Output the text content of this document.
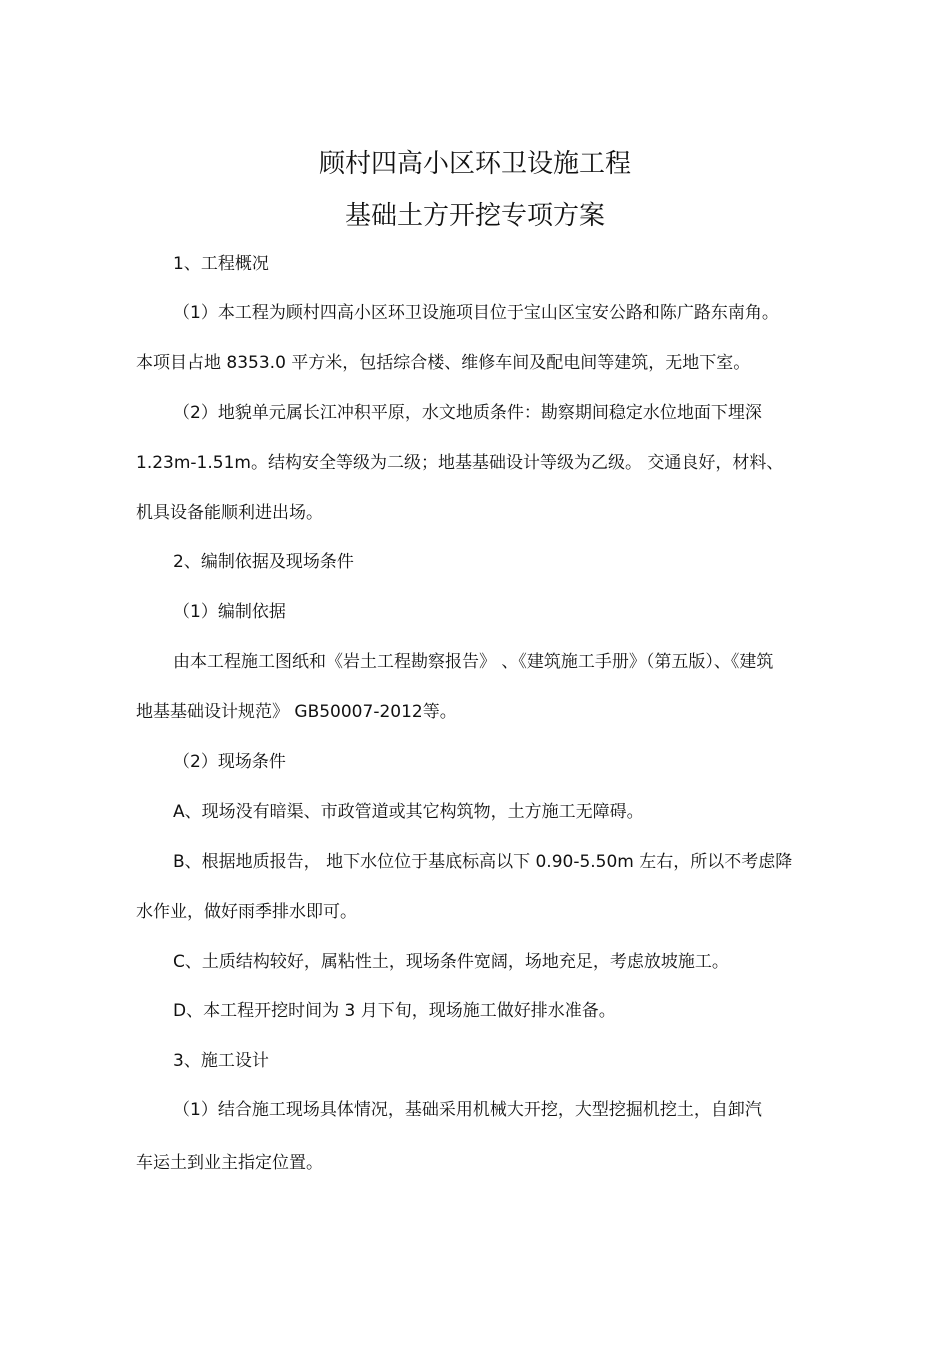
顾村四高小区环卫设施工程
基础土方开挖专项方案
1、工程概况
（1）本工程为顾村四高小区环卫设施项目位于宝山区宝安公路和陈广路东南角。
本项目占地 8353.0 平方米，包括综合楼、维修车间及配电间等建筑，无地下室。
（2）地貌单元属长江冲积平原，水文地质条件：勘察期间稳定水位地面下埋深
1.23m-1.51m。结构安全等级为二级；地基基础设计等级为乙级。 交通良好，材料、
机具设备能顺利进出场。
2、编制依据及现场条件
（1）编制依据
由本工程施工图纸和《岩土工程勘察报告》 、《建筑施工手册》（第五版）、《建筑
地基基础设计规范》 GB50007-2012等。
（2）现场条件
A、现场没有暗渠、市政管道或其它构筑物，土方施工无障碍。
B、根据地质报告， 地下水位位于基底标高以下 0.90-5.50m 左右，所以不考虑降
水作业，做好雨季排水即可。
C、土质结构较好，属粘性土，现场条件宽阔，场地充足，考虑放坡施工。
D、本工程开挖时间为 3 月下旬，现场施工做好排水准备。
3、施工设计
（1）结合施工现场具体情况，基础采用机械大开挖，大型挖掘机挖土，自卸汽
车运土到业主指定位置。
